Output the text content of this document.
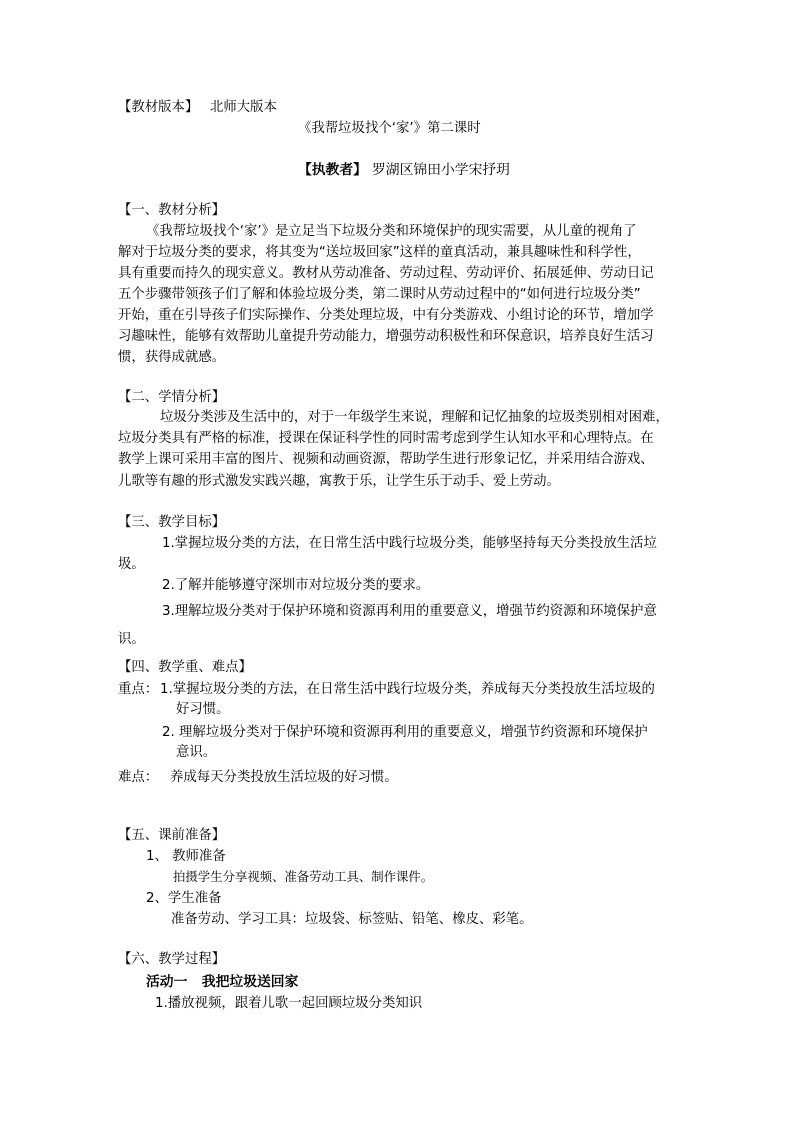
【教材版本】 北师大版本
《我帮垃圾找个‘家’》第二课时
【执教者】 罗湖区锦田小学宋抒玥
【一、教材分析】
《我帮垃圾找个‘家’》是立足当下垃圾分类和环境保护的现实需要，从儿童的视角了
解对于垃圾分类的要求，将其变为“送垃圾回家”这样的童真活动，兼具趣味性和科学性，
具有重要而持久的现实意义。教材从劳动准备、劳动过程、劳动评价、拓展延伸、劳动日记
五个步骤带领孩子们了解和体验垃圾分类，第二课时从劳动过程中的“如何进行垃圾分类”
开始，重在引导孩子们实际操作、分类处理垃圾，中有分类游戏、小组讨论的环节，增加学
习趣味性，能够有效帮助儿童提升劳动能力，增强劳动积极性和环保意识，培养良好生活习
惯，获得成就感。
【二、学情分析】
垃圾分类涉及生活中的，对于一年级学生来说，理解和记忆抽象的垃圾类别相对困难，
垃圾分类具有严格的标准，授课在保证科学性的同时需考虑到学生认知水平和心理特点。在
教学上课可采用丰富的图片、视频和动画资源，帮助学生进行形象记忆，并采用结合游戏、
儿歌等有趣的形式激发实践兴趣，寓教于乐，让学生乐于动手、爱上劳动。
【三、教学目标】
1.掌握垃圾分类的方法，在日常生活中践行垃圾分类，能够坚持每天分类投放生活垃
圾。
2.了解并能够遵守深圳市对垃圾分类的要求。
3.理解垃圾分类对于保护环境和资源再利用的重要意义，增强节约资源和环境保护意
识。
【四、教学重、难点】
重点： 1.掌握垃圾分类的方法，在日常生活中践行垃圾分类，养成每天分类投放生活垃圾的
好习惯。
2. 理解垃圾分类对于保护环境和资源再利用的重要意义，增强节约资源和环境保护
意识。
难点： 养成每天分类投放生活垃圾的好习惯。
【五、课前准备】
1、 教师准备
拍摄学生分享视频、准备劳动工具、制作课件。
2、学生准备
准备劳动、学习工具：垃圾袋、标签贴、铅笔、橡皮、彩笔。
【六、教学过程】
活动一   我把垃圾送回家
1.播放视频，跟着儿歌一起回顾垃圾分类知识
